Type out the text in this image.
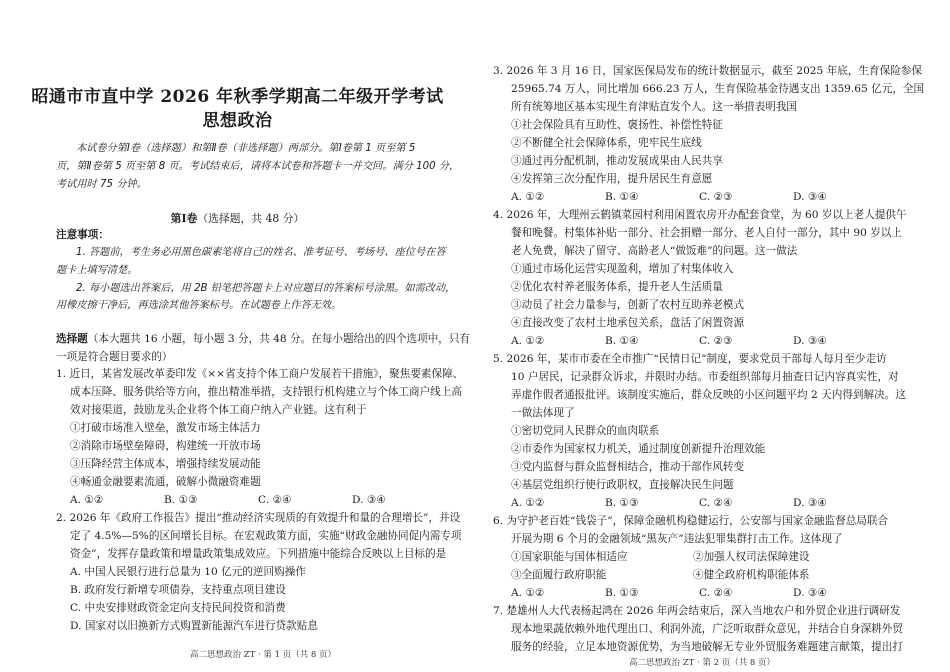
昭通市市直中学 2026 年秋季学期高二年级开学考试
思想政治
本试卷分第Ⅰ卷（选择题）和第Ⅱ卷（非选择题）两部分。第Ⅰ卷第 1 页至第 5
页，第Ⅱ卷第 5 页至第 8 页。考试结束后，请将本试卷和答题卡一并交回。满分 100 分，
考试用时 75 分钟。
第Ⅰ卷（选择题，共 48 分）
注意事项：
1. 答题前，考生务必用黑色碳素笔将自己的姓名、准考证号、考场号、座位号在答
题卡上填写清楚。
2. 每小题选出答案后，用 2B 铅笔把答题卡上对应题目的答案标号涂黑。如需改动，
用橡皮擦干净后，再选涂其他答案标号。在试题卷上作答无效。
选择题（本大题共 16 小题，每小题 3 分，共 48 分。在每小题给出的四个选项中，只有
一项是符合题目要求的）
1. 近日，某省发展改革委印发《××省支持个体工商户发展若干措施》，聚焦要素保障、
成本压降、服务供给等方向，推出精准举措，支持银行机构建立与个体工商户线上高
效对接渠道，鼓励龙头企业将个体工商户纳入产业链。这有利于
①打破市场准入壁垒，激发市场主体活力
②消除市场壁垒障碍，构建统一开放市场
③压降经营主体成本，增强持续发展动能
④畅通金融要素流通，破解小微融资难题
A. ①②	B. ①③	C. ②④	D. ③④
2. 2026 年《政府工作报告》提出“推动经济实现质的有效提升和量的合理增长”，并设
定了 4.5%—5%的区间增长目标。在宏观政策方面，实施“财政金融协同促内需专项
资金”，发挥存量政策和增量政策集成效应。下列措施中能综合反映以上目标的是
A. 中国人民银行进行总量为 10 亿元的逆回购操作
B. 政府发行新增专项债券，支持重点项目建设
C. 中央安排财政资金定向支持民间投资和消费
D. 国家对以旧换新方式购置新能源汽车进行贷款贴息
高二思想政治 ZT · 第 1 页（共 8 页）
3. 2026 年 3 月 16 日，国家医保局发布的统计数据显示，截至 2025 年底，生育保险参保
25965.74 万人，同比增加 666.23 万人，生育保险基金待遇支出 1359.65 亿元，全国
所有统筹地区基本实现生育津贴直发个人。这一举措表明我国
①社会保险具有互助性、褒扬性、补偿性特征
②不断健全社会保障体系，兜牢民生底线
③通过再分配机制，推动发展成果由人民共享
④发挥第三次分配作用，提升居民生育意愿
A. ①②	B. ①④	C. ②③	D. ③④
4. 2026 年，大理州云鹤镇菜园村利用闲置农房开办配套食堂，为 60 岁以上老人提供午
餐和晚餐。村集体补贴一部分、社会捐赠一部分、老人自付一部分，其中 90 岁以上
老人免费，解决了留守、高龄老人“做饭难”的问题。这一做法
①通过市场化运营实现盈利，增加了村集体收入
②优化农村养老服务体系，提升老人生活质量
③动员了社会力量参与，创新了农村互助养老模式
④直接改变了农村土地承包关系，盘活了闲置资源
A. ①②	B. ①④	C. ②③	D. ③④
5. 2026 年，某市市委在全市推广“民情日记”制度，要求党员干部每人每月至少走访
10 户居民，记录群众诉求，并限时办结。市委组织部每月抽查日记内容真实性，对
弄虚作假者通报批评。该制度实施后，群众反映的小区问题平均 2 天内得到解决。这
一做法体现了
①密切党同人民群众的血肉联系
②市委作为国家权力机关，通过制度创新提升治理效能
③党内监督与群众监督相结合，推动干部作风转变
④基层党组织行使行政职权，直接解决民生问题
A. ①②	B. ①③	C. ②④	D. ③④
6. 为守护老百姓“钱袋子”，保障金融机构稳健运行，公安部与国家金融监督总局联合
开展为期 6 个月的金融领域“黑灰产”违法犯罪集群打击工作。这体现了
①国家职能与国体相适应	②加强人权司法保障建设
③全面履行政府职能	④健全政府机构职能体系
A. ①②	B. ①③	C. ②④	D. ③④
7. 楚雄州人大代表杨起鸿在 2026 年两会结束后，深入当地农户和外贸企业进行调研发
现本地果蔬依赖外地代理出口、利润外流，广泛听取群众意见，并结合自身深耕外贸
服务的经验，立足本地资源优势，为当地破解无专业外贸服务难题建言献策，提出打
高二思想政治 ZT · 第 2 页（共 8 页）
